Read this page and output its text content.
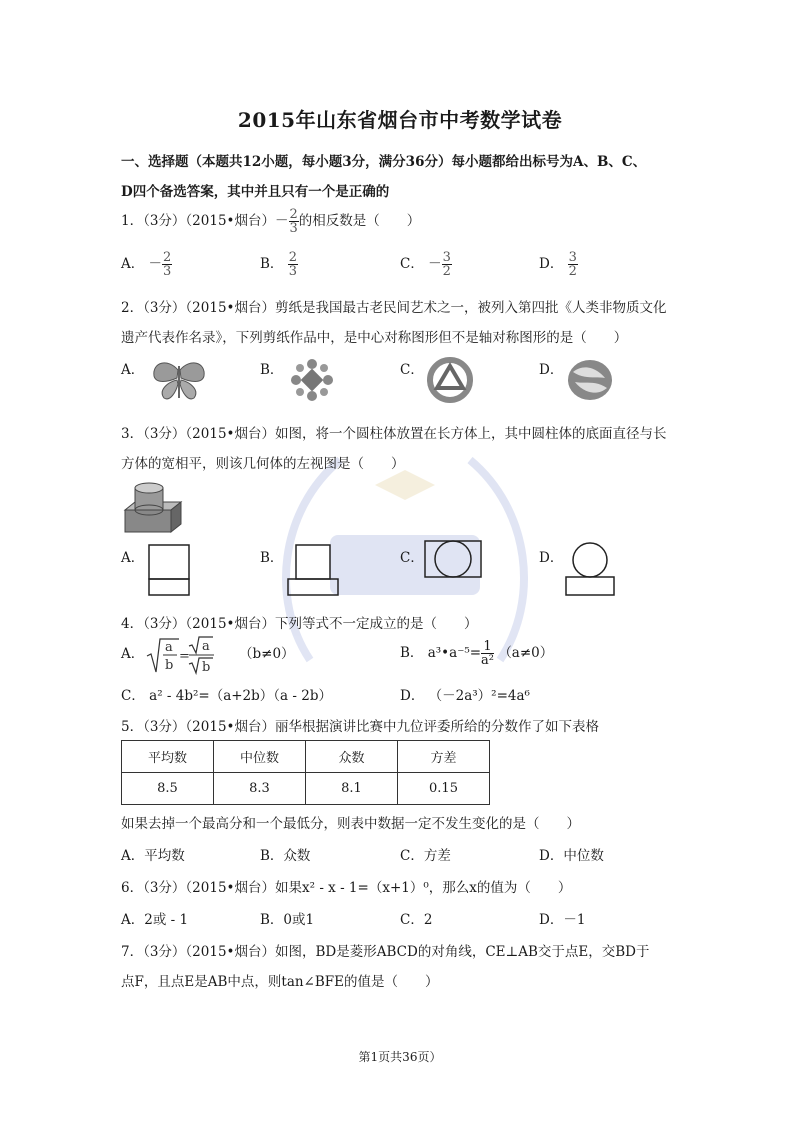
2015年山东省烟台市中考数学试卷
一、选择题（本题共12小题，每小题3分，满分36分）每小题都给出标号为A、B、C、
D四个备选答案，其中并且只有一个是正确的
1．（3分）（2015•烟台）－ $\frac{2}{3}$ 的相反数是（　　）
A． － $\frac{2}{3}$	B． $\frac{2}{3}$	C． － $\frac{3}{2}$	D． $\frac{3}{2}$
2．（3分）（2015•烟台）剪纸是我国最古老民间艺术之一，被列入第四批《人类非物质文化
遗产代表作名录》，下列剪纸作品中，是中心对称图形但不是轴对称图形的是（　　）
A．	B．	C．	D．
3．（3分）（2015•烟台）如图，将一个圆柱体放置在长方体上，其中圆柱体的底面直径与长
方体的宽相平，则该几何体的左视图是（　　）
A．	B．	C．	D．
4．（3分）（2015•烟台）下列等式不一定成立的是（　　）
A． a
b
=
a
b
（b≠0）	B． a³•a⁻⁵= $\frac{1}{\text{a²}} (a\ne 0)$
C． a² - 4b²=（a+2b）（a - 2b）	D． （－2a³）²=4a⁶
5．（3分）（2015•烟台）丽华根据演讲比赛中九位评委所给的分数作了如下表格
平均数	中位数	众数	方差
8.5	8.3	8.1	0.15
如果去掉一个最高分和一个最低分，则表中数据一定不发生变化的是（　　）
A．平均数	B．众数	C．方差	D．中位数
6．（3分）（2015•烟台）如果x² - x - 1=（x+1）⁰，那么x的值为（　　）
A．2或 - 1	B．0或1	C．2	D．－1
7．（3分）（2015•烟台）如图，BD是菱形ABCD的对角线，CE⊥AB交于点E，交BD于
点F，且点E是AB中点，则tan∠BFE的值是（　　）
第1页共36页）
